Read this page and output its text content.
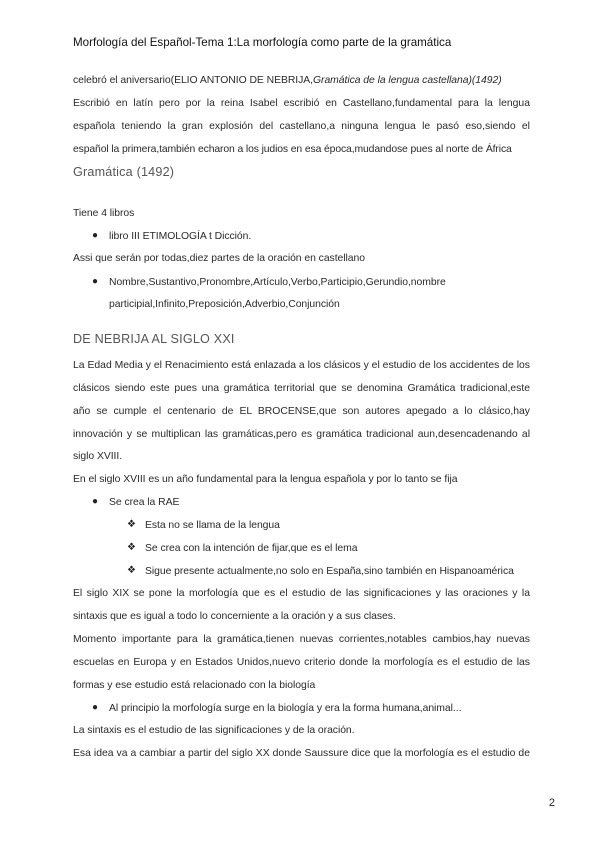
Morfología del Español-Tema 1:La morfología como parte de la gramática
celebró el aniversario(ELIO ANTONIO DE NEBRIJA,Gramática de la lengua castellana)(1492)
Escribió en latín pero por la reina Isabel escribió en Castellano,fundamental para la lengua
española teniendo la gran explosión del castellano,a ninguna lengua le pasó eso,siendo el
español la primera,también echaron a los judios en esa época,mudandose pues al norte de África
Gramática (1492)
Tiene 4 libros
● libro III ETIMOLOGÍA t Dicción.
Assi que serán por todas,diez partes de la oración en castellano
● Nombre,Sustantivo,Pronombre,Artículo,Verbo,Participio,Gerundio,nombre
participial,Infinito,Preposición,Adverbio,Conjunción
DE NEBRIJA AL SIGLO XXI
La Edad Media y el Renacimiento está enlazada a los clásicos y el estudio de los accidentes de los
clásicos siendo este pues una gramática territorial que se denomina Gramática tradicional,este
año se cumple el centenario de EL BROCENSE,que son autores apegado a lo clásico,hay
innovación y se multiplican las gramáticas,pero es gramática tradicional aun,desencadenando al
siglo XVIII.
En el siglo XVIII es un año fundamental para la lengua española y por lo tanto se fija
● Se crea la RAE
❖ Esta no se llama de la lengua
❖ Se crea con la intención de fijar,que es el lema
❖ Sigue presente actualmente,no solo en España,sino también en Hispanoamérica
El siglo XIX se pone la morfología que es el estudio de las significaciones y las oraciones y la
sintaxis que es igual a todo lo concerniente a la oración y a sus clases.
Momento importante para la gramática,tienen nuevas corrientes,notables cambios,hay nuevas
escuelas en Europa y en Estados Unidos,nuevo criterio donde la morfología es el estudio de las
formas y ese estudio está relacionado con la biología
● Al principio la morfología surge en la biología y era la forma humana,animal...
La sintaxis es el estudio de las significaciones y de la oración.
Esa idea va a cambiar a partir del siglo XX donde Saussure dice que la morfología es el estudio de
2
